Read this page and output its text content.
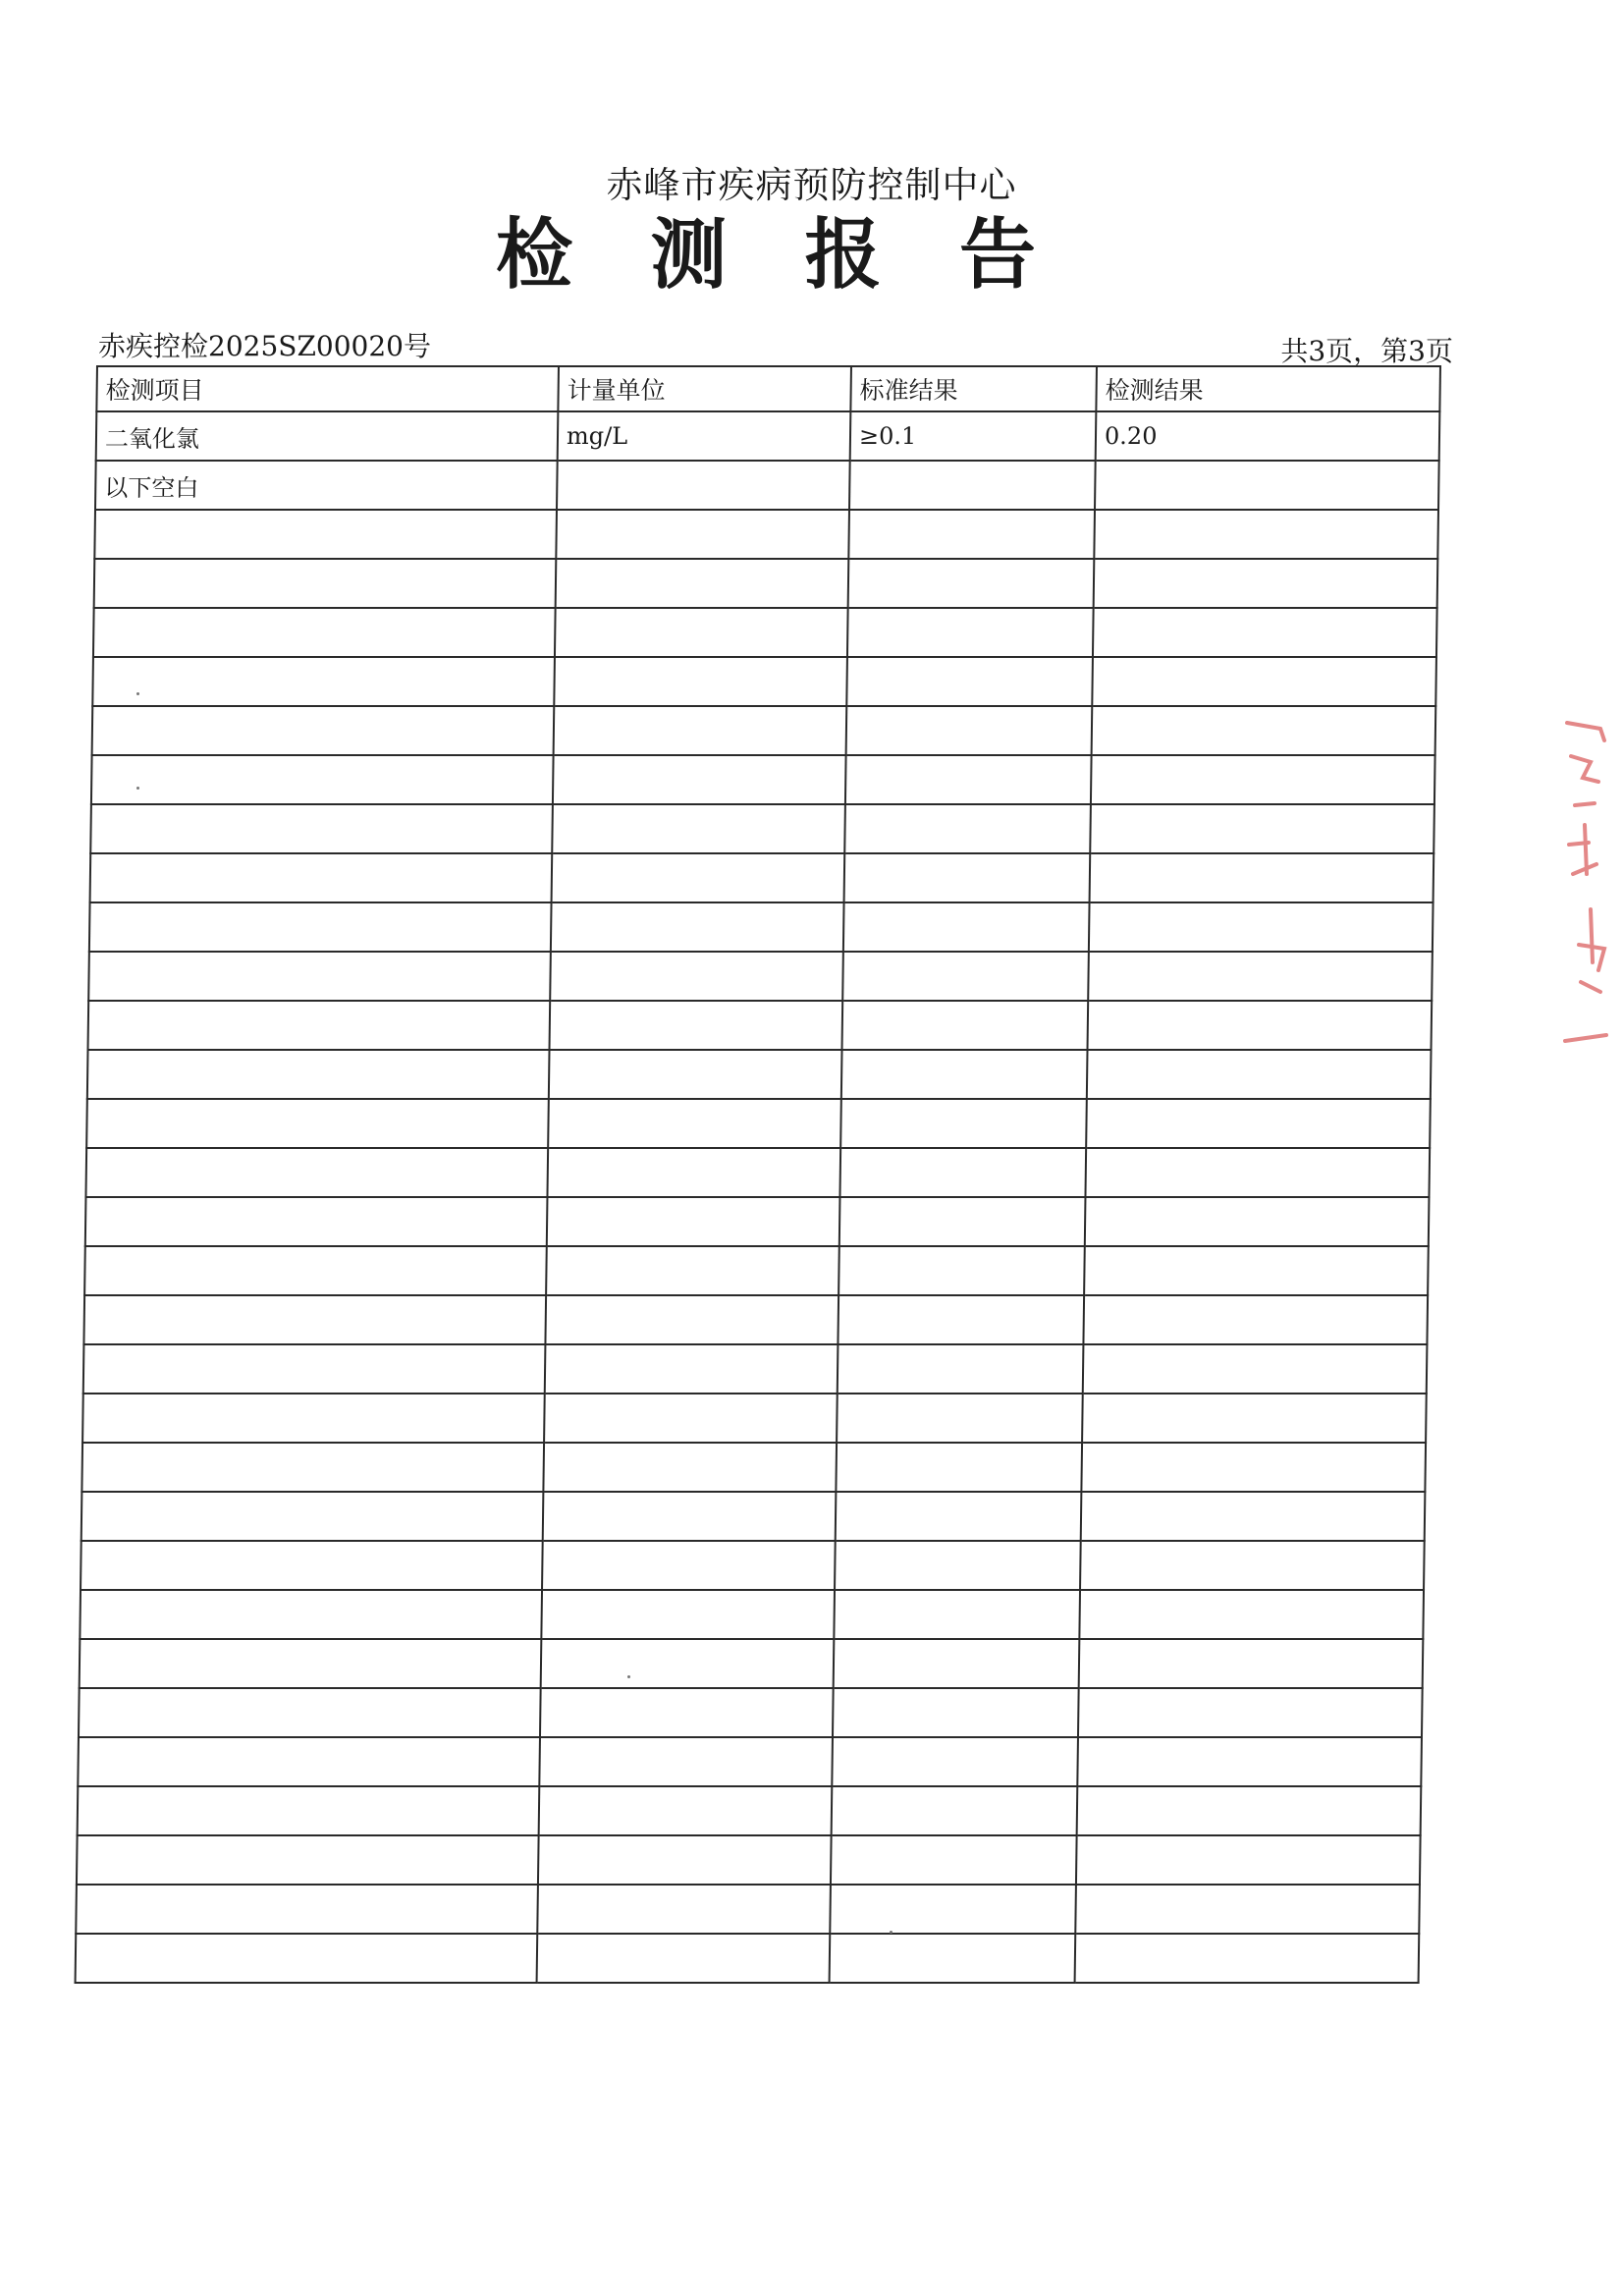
赤峰市疾病预防控制中心
检 测 报 告
赤疾控检2025SZ00020号	共3页，第3页
检测项目	计量单位	标准结果	检测结果
二氧化氯	mg/L	≥0.1	0.20
以下空白			
